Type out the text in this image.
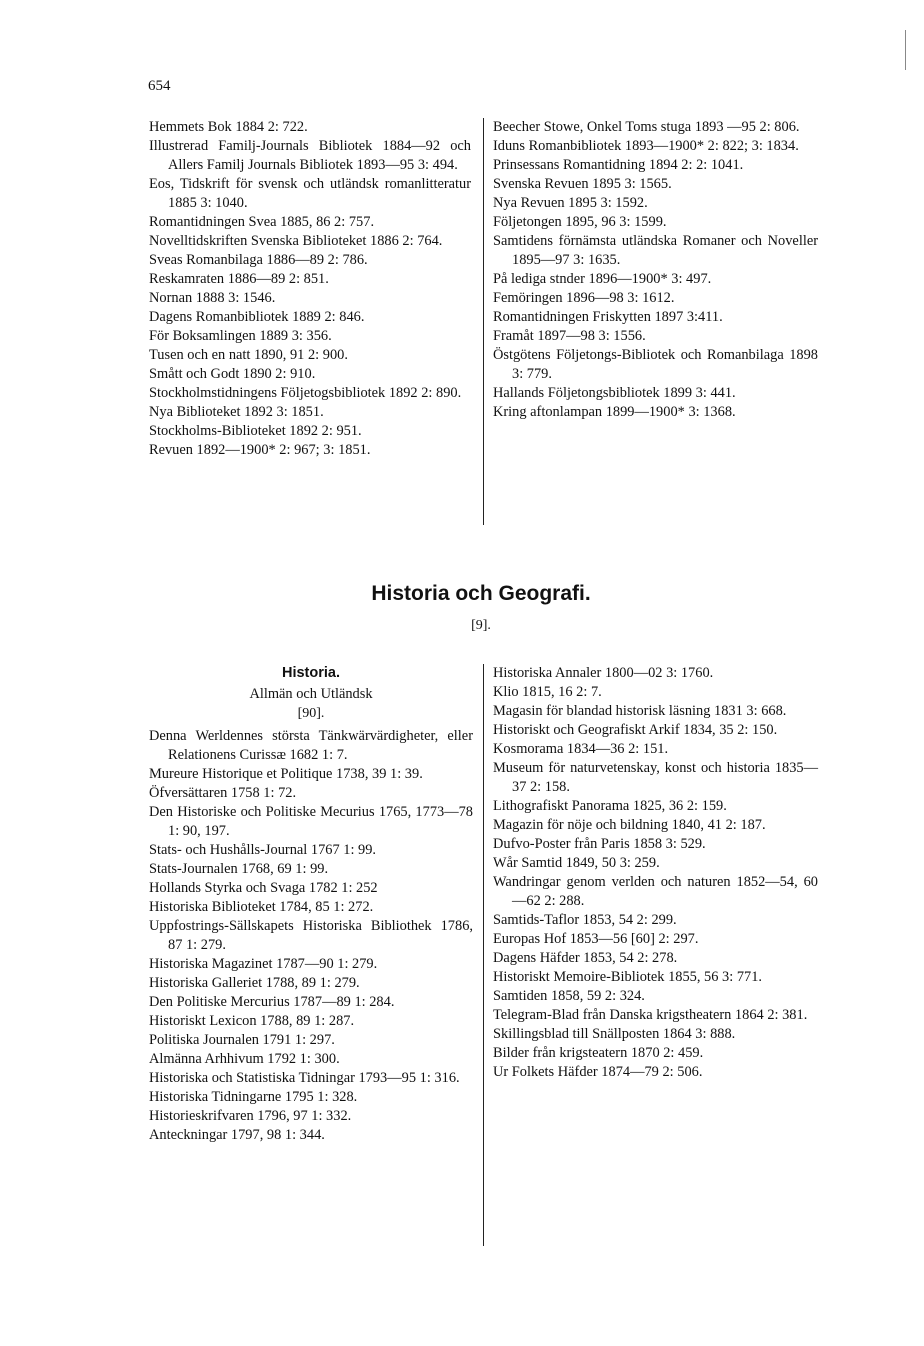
654

Hemmets Bok 1884 2: 722.

Illustrerad Familj-Journals Bibliotek 1884—92 och Allers Familj Journals Bibliotek 1893—95 3: 494.

Eos, Tidskrift för svensk och utländsk romanlitteratur 1885 3: 1040.

Romantidningen Svea 1885, 86 2: 757.

Novelltidskriften Svenska Biblioteket 1886 2: 764.

Sveas Romanbilaga 1886—89 2: 786.

Reskamraten 1886—89 2: 851.

Nornan 1888 3: 1546.

Dagens Romanbibliotek 1889 2: 846.

För Boksamlingen 1889 3: 356.

Tusen och en natt 1890, 91 2: 900.

Smått och Godt 1890 2: 910.

Stockholmstidningens Följetogsbibliotek 1892 2: 890.

Nya Biblioteket 1892 3: 1851.

Stockholms-Biblioteket 1892 2: 951.

Revuen 1892—1900* 2: 967; 3: 1851.

Beecher Stowe, Onkel Toms stuga 1893 —95 2: 806.

Iduns Romanbibliotek 1893—1900* 2: 822; 3: 1834.

Prinsessans Romantidning 1894 2: 2: 1041.

Svenska Revuen 1895 3: 1565.

Nya Revuen 1895 3: 1592.

Följetongen 1895, 96 3: 1599.

Samtidens förnämsta utländska Romaner och Noveller 1895—97 3: 1635.

På lediga stnder 1896—1900* 3: 497.

Femöringen 1896—98 3: 1612.

Romantidningen Friskytten 1897 3:411.

Framåt 1897—98 3: 1556.

Östgötens Följetongs-Bibliotek och Romanbilaga 1898 3: 779.

Hallands Följetongsbibliotek 1899 3: 441.

Kring aftonlampan 1899—1900* 3: 1368.

Historia och Geografi.
[9].
Historia.
Allmän och Utländsk
[90].

Denna Werldennes största Tänkwärvärdigheter, eller Relationens Curissæ 1682 1: 7.

Mureure Historique et Politique 1738, 39 1: 39.

Öfversättaren 1758 1: 72.

Den Historiske och Politiske Mecurius 1765, 1773—78 1: 90, 197.

Stats- och Hushålls-Journal 1767 1: 99.

Stats-Journalen 1768, 69 1: 99.

Hollands Styrka och Svaga 1782 1: 252

Historiska Biblioteket 1784, 85 1: 272.

Uppfostrings-Sällskapets Historiska Bibliothek 1786, 87 1: 279.

Historiska Magazinet 1787—90 1: 279.

Historiska Galleriet 1788, 89 1: 279.

Den Politiske Mercurius 1787—89 1: 284.

Historiskt Lexicon 1788, 89 1: 287.

Politiska Journalen 1791 1: 297.

Almänna Arhhivum 1792 1: 300.

Historiska och Statistiska Tidningar 1793—95 1: 316.

Historiska Tidningarne 1795 1: 328.

Historieskrifvaren 1796, 97 1: 332.

Anteckningar 1797, 98 1: 344.

Historiska Annaler 1800—02 3: 1760.

Klio 1815, 16 2: 7.

Magasin för blandad historisk läsning 1831 3: 668.

Historiskt och Geografiskt Arkif 1834, 35 2: 150.

Kosmorama 1834—36 2: 151.

Museum för naturvetenskay, konst och historia 1835—37 2: 158.

Lithografiskt Panorama 1825, 36 2: 159.

Magazin för nöje och bildning 1840, 41 2: 187.

Dufvo-Poster från Paris 1858 3: 529.

Wår Samtid 1849, 50 3: 259.

Wandringar genom verlden och naturen 1852—54, 60—62 2: 288.

Samtids-Taflor 1853, 54 2: 299.

Europas Hof 1853—56 [60] 2: 297.

Dagens Häfder 1853, 54 2: 278.

Historiskt Memoire-Bibliotek 1855, 56 3: 771.

Samtiden 1858, 59 2: 324.

Telegram-Blad från Danska krigstheatern 1864 2: 381.

Skillingsblad till Snällposten 1864 3: 888.

Bilder från krigsteatern 1870 2: 459.

Ur Folkets Häfder 1874—79 2: 506.
